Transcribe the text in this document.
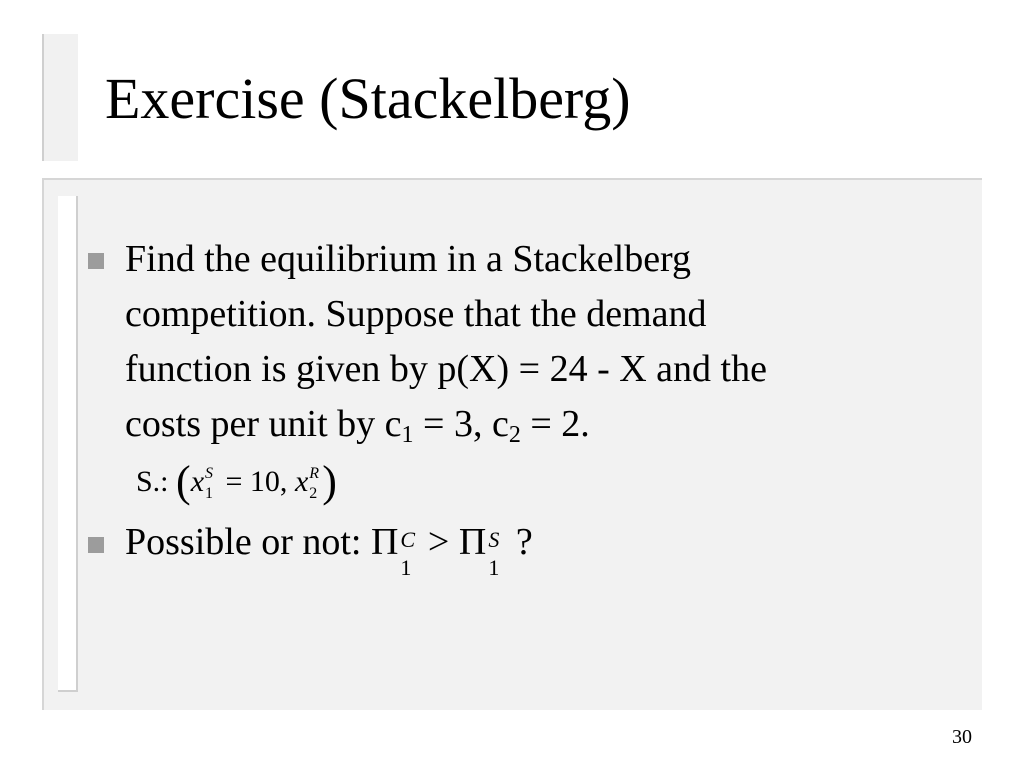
Exercise (Stackelberg)
Find the equilibrium in a Stackelberg
competition. Suppose that the demand
function is given by p(X) = 24 - X and the
costs per unit by $c_1 = 3$, $c_2 = 2$.
S.: (x S
1 = 10, x R
2 )
Possible or not: Π C
1
> Π S
1
?
30
